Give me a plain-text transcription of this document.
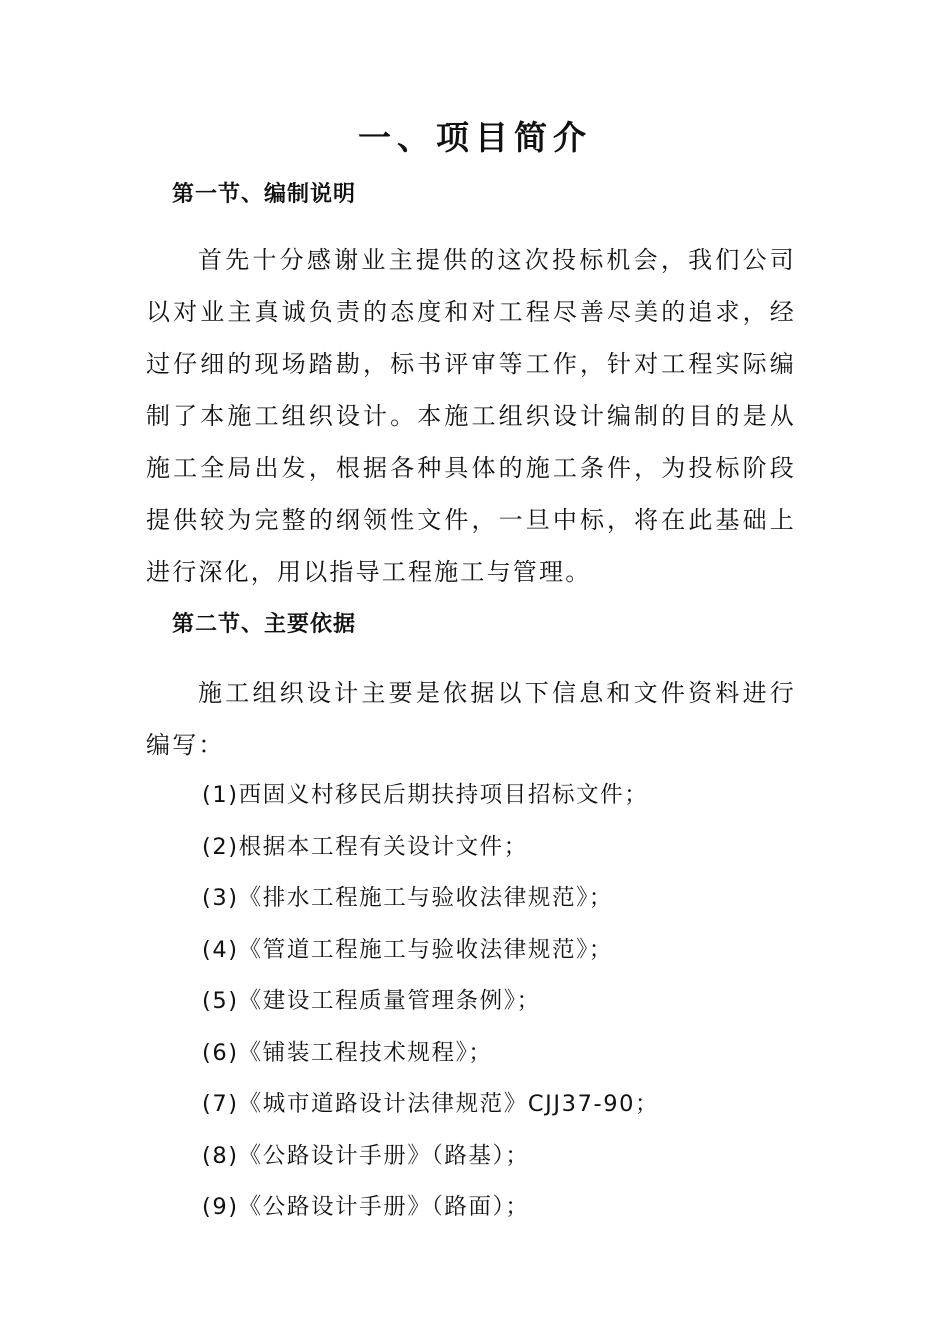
一、项目简介
第一节、编制说明
首先十分感谢业主提供的这次投标机会，我们公司以对业主真诚负责的态度和对工程尽善尽美的追求，经过仔细的现场踏勘，标书评审等工作，针对工程实际编制了本施工组织设计。本施工组织设计编制的目的是从施工全局出发，根据各种具体的施工条件，为投标阶段提供较为完整的纲领性文件，一旦中标，将在此基础上进行深化，用以指导工程施工与管理。
第二节、主要依据
施工组织设计主要是依据以下信息和文件资料进行编写：
(1)西固义村移民后期扶持项目招标文件；
(2)根据本工程有关设计文件；
(3)《排水工程施工与验收法律规范》；
(4)《管道工程施工与验收法律规范》；
(5)《建设工程质量管理条例》；
(6)《铺装工程技术规程》；
(7)《城市道路设计法律规范》CJJ37-90；
(8)《公路设计手册》（路基）；
(9)《公路设计手册》（路面）；
